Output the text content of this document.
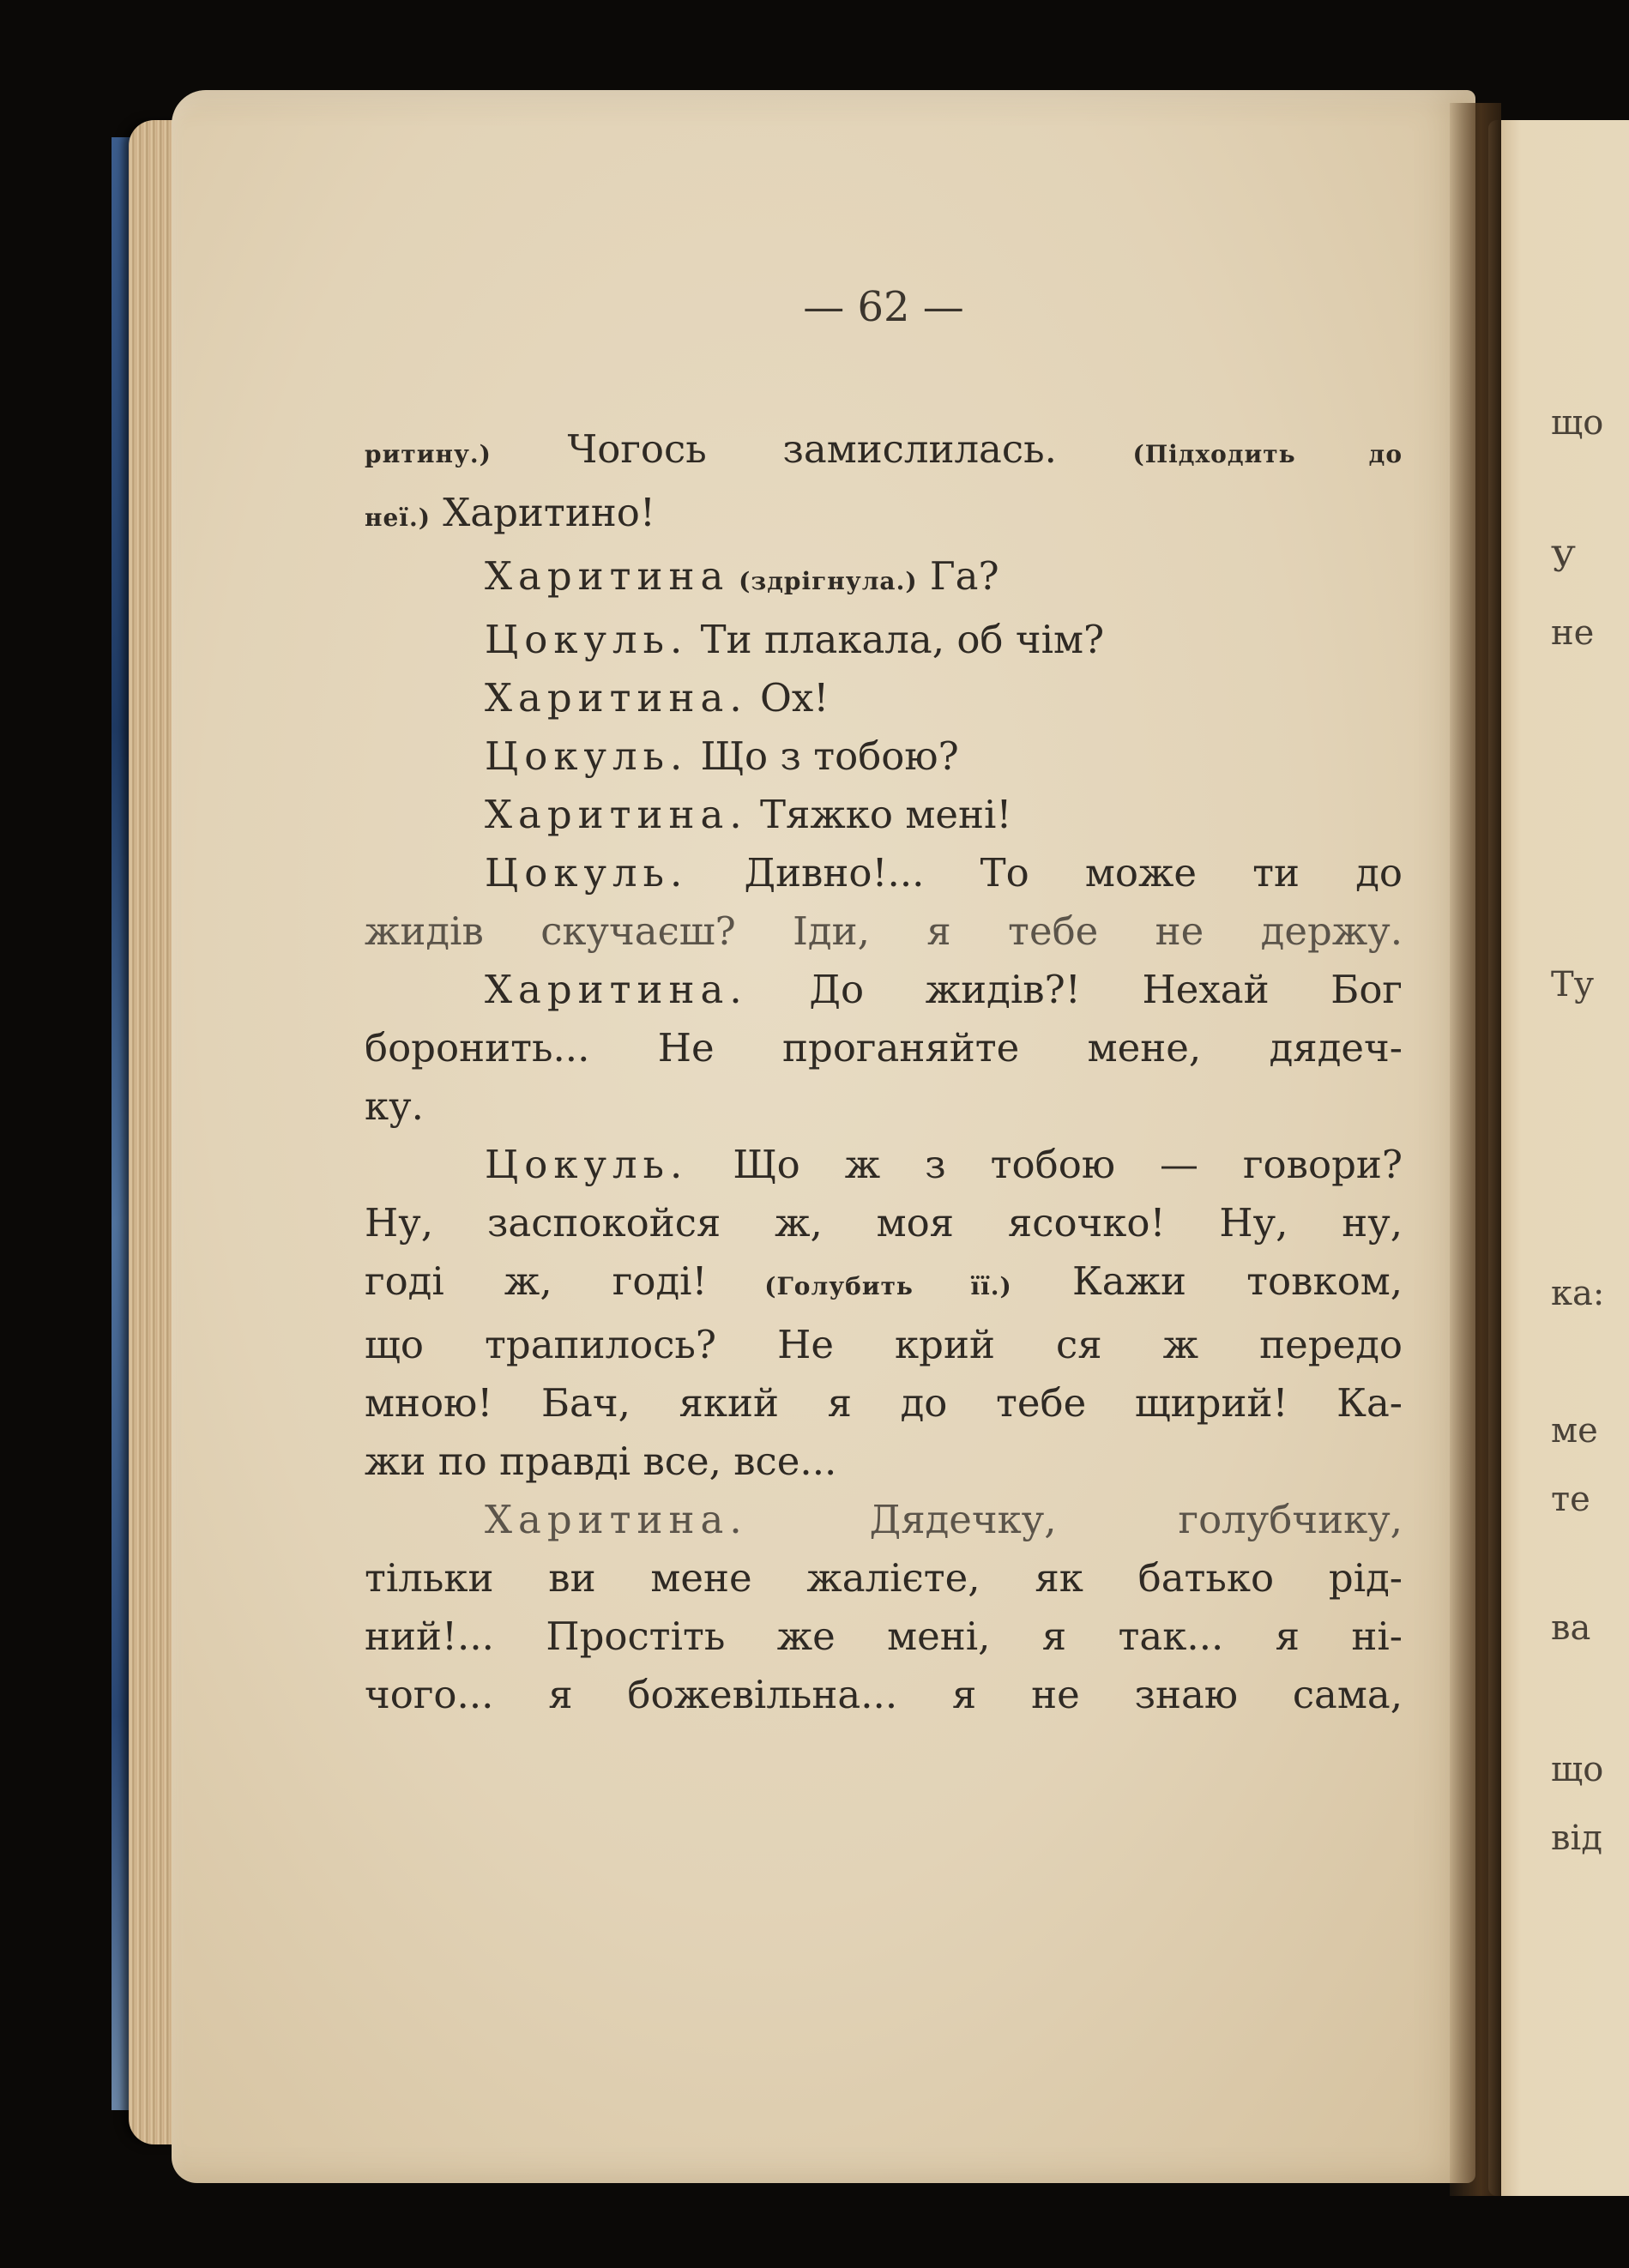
— 62 —
ритину.) Чогось замислилась. (Підходить до
неї.) Харитино!
Харитина (здрігнула.) Га?
Цокуль. Ти плакала, об чім?
Харитина. Ох!
Цокуль. Що з тобою?
Харитина. Тяжко мені!
Цокуль. Дивно!... То може ти до
жидів скучаєш? Іди, я тебе не держу.
Харитина. До жидів?! Нехай Бог
боронить... Не проганяйте мене, дядеч-
ку.
Цокуль. Що ж з тобою — говори?
Ну, заспокойся ж, моя ясочко! Ну, ну,
годі ж, годі! (Голубить її.) Кажи товком,
що трапилось? Не крий ся ж передо
мною! Бач, який я до тебе щирий! Ка-
жи по правді все, все...
Харитина. Дядечку, голубчику,
тільки ви мене жалієте, як батько рід-
ний!... Простіть же мені, я так... я ні-
чого... я божевільна... я не знаю сама,
що
У
не
Ту
ка:
ме
те
ва
що
від
